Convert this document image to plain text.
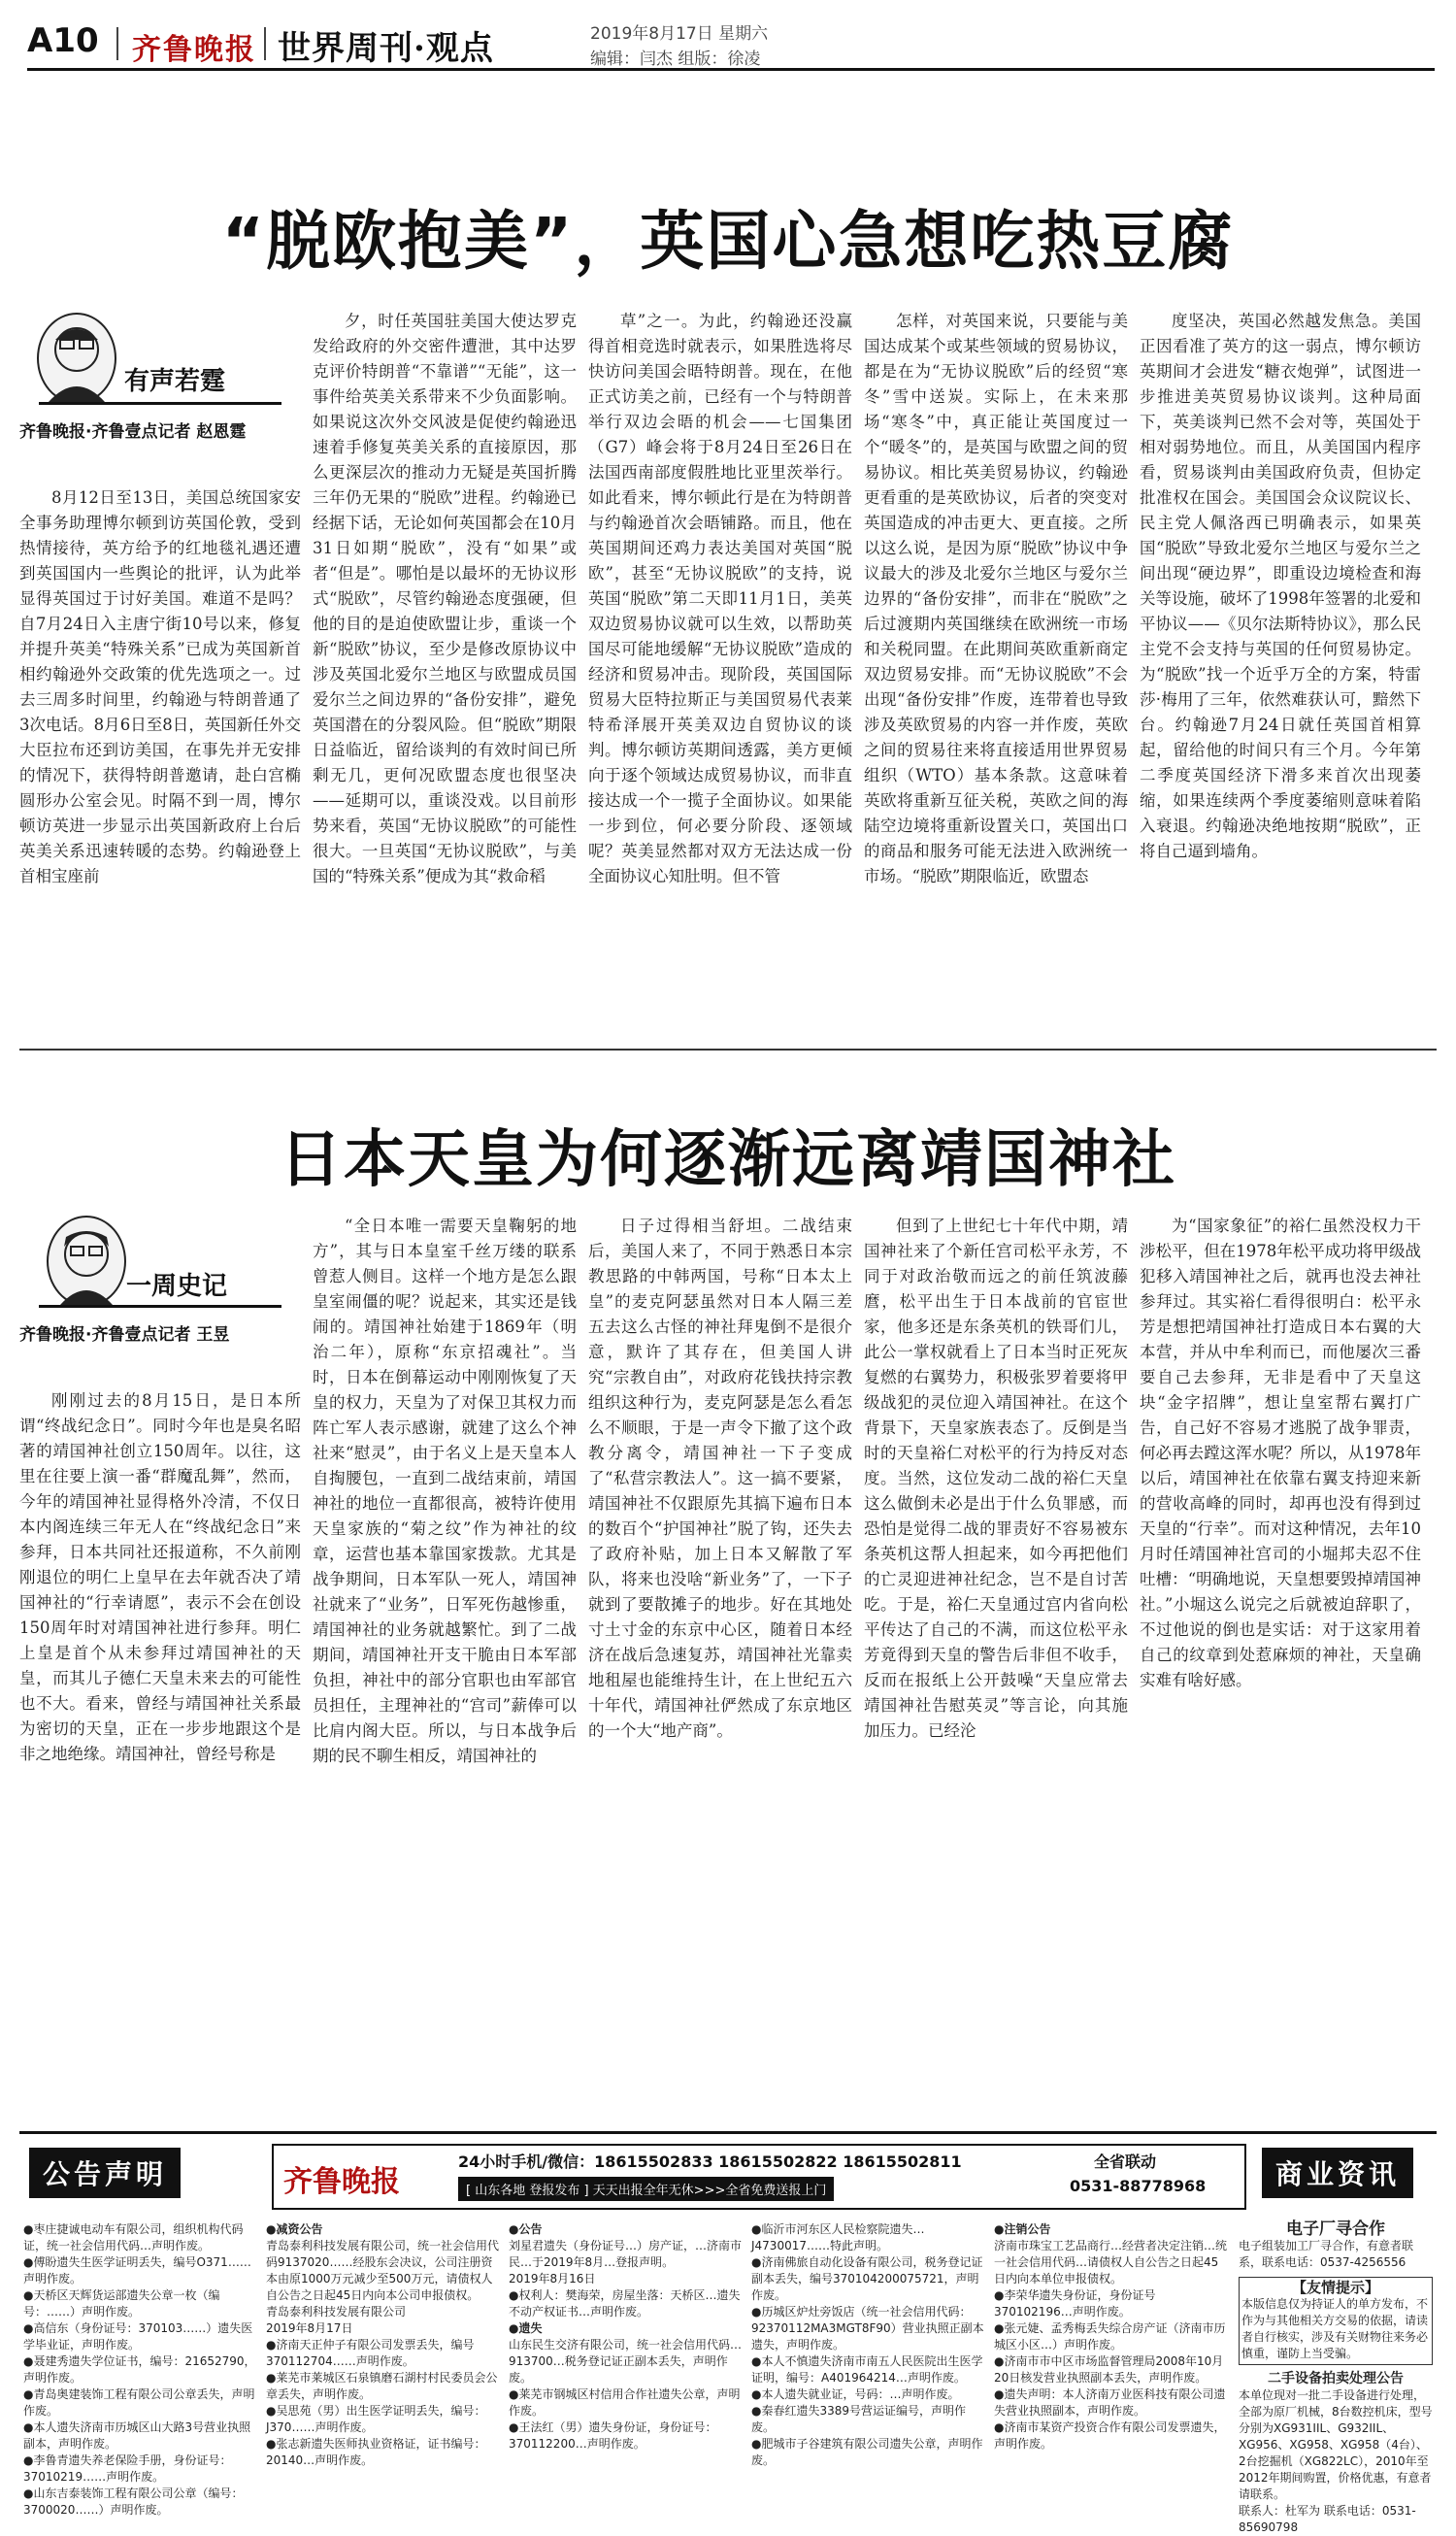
A10 齐鲁晚报 世界周刊·观点	2019年8月17日 星期六
编辑：闫杰 组版：徐凌
“脱欧抱美”，英国心急想吃热豆腐
有声若霆
齐鲁晚报·齐鲁壹点记者 赵恩霆
8月12日至13日，美国总统国家安全事务助理博尔顿到访英国伦敦，受到热情接待，英方给予的红地毯礼遇还遭到英国国内一些舆论的批评，认为此举显得英国过于讨好美国。难道不是吗？自7月24日入主唐宁街10号以来，修复并提升英美“特殊关系”已成为英国新首相约翰逊外交政策的优先选项之一。过去三周多时间里，约翰逊与特朗普通了3次电话。8月6日至8日，英国新任外交大臣拉布还到访美国，在事先并无安排的情况下，获得特朗普邀请，赴白宫椭圆形办公室会见。时隔不到一周，博尔顿访英进一步显示出英国新政府上台后英美关系迅速转暖的态势。约翰逊登上首相宝座前
夕，时任英国驻美国大使达罗克发给政府的外交密件遭泄，其中达罗克评价特朗普“不靠谱”“无能”，这一事件给英美关系带来不少负面影响。如果说这次外交风波是促使约翰逊迅速着手修复英美关系的直接原因，那么更深层次的推动力无疑是英国折腾三年仍无果的“脱欧”进程。约翰逊已经据下话，无论如何英国都会在10月31日如期“脱欧”，没有“如果”或者“但是”。哪怕是以最坏的无协议形式“脱欧”，尽管约翰逊态度强硬，但他的目的是迫使欧盟让步，重谈一个新“脱欧”协议，至少是修改原协议中涉及英国北爱尔兰地区与欧盟成员国爱尔兰之间边界的“备份安排”，避免英国潜在的分裂风险。但“脱欧”期限日益临近，留给谈判的有效时间已所剩无几，更何况欧盟态度也很坚决——延期可以，重谈没戏。以目前形势来看，英国“无协议脱欧”的可能性很大。一旦英国“无协议脱欧”，与美国的“特殊关系”便成为其“救命稻
草”之一。为此，约翰逊还没赢得首相竞选时就表示，如果胜选将尽快访问美国会晤特朗普。现在，在他正式访美之前，已经有一个与特朗普举行双边会晤的机会——七国集团（G7）峰会将于8月24日至26日在法国西南部度假胜地比亚里茨举行。如此看来，博尔顿此行是在为特朗普与约翰逊首次会晤铺路。而且，他在英国期间还鸡力表达美国对英国“脱欧”，甚至“无协议脱欧”的支持，说英国“脱欧”第二天即11月1日，美英双边贸易协议就可以生效，以帮助英国尽可能地缓解“无协议脱欧”造成的经济和贸易冲击。现阶段，英国国际贸易大臣特拉斯正与美国贸易代表莱特希泽展开英美双边自贸协议的谈判。博尔顿访英期间透露，美方更倾向于逐个领域达成贸易协议，而非直接达成一个一揽子全面协议。如果能一步到位，何必要分阶段、逐领域呢？英美显然都对双方无法达成一份全面协议心知肚明。但不管
怎样，对英国来说，只要能与美国达成某个或某些领域的贸易协议，都是在为“无协议脱欧”后的经贸“寒冬”雪中送炭。实际上，在未来那场“寒冬”中，真正能让英国度过一个“暖冬”的，是英国与欧盟之间的贸易协议。相比英美贸易协议，约翰逊更看重的是英欧协议，后者的突变对英国造成的冲击更大、更直接。之所以这么说，是因为原“脱欧”协议中争议最大的涉及北爱尔兰地区与爱尔兰边界的“备份安排”，而非在“脱欧”之后过渡期内英国继续在欧洲统一市场和关税同盟。在此期间英欧重新商定双边贸易安排。而“无协议脱欧”不会出现“备份安排”作废，连带着也导致涉及英欧贸易的内容一并作废，英欧之间的贸易往来将直接适用世界贸易组织（WTO）基本条款。这意味着英欧将重新互征关税，英欧之间的海陆空边境将重新设置关口，英国出口的商品和服务可能无法进入欧洲统一市场。“脱欧”期限临近，欧盟态
度坚决，英国必然越发焦急。美国正因看准了英方的这一弱点，博尔顿访英期间才会进发“糖衣炮弹”，试图进一步推进美英贸易协议谈判。这种局面下，英美谈判已然不会对等，英国处于相对弱势地位。而且，从美国国内程序看，贸易谈判由美国政府负责，但协定批准权在国会。美国国会众议院议长、民主党人佩洛西已明确表示，如果英国“脱欧”导致北爱尔兰地区与爱尔兰之间出现“硬边界”，即重设边境检查和海关等设施，破坏了1998年签署的北爱和平协议——《贝尔法斯特协议》，那么民主党不会支持与英国的任何贸易协定。为“脱欧”找一个近乎万全的方案，特雷莎·梅用了三年，依然难获认可，黯然下台。约翰逊7月24日就任英国首相算起，留给他的时间只有三个月。今年第二季度英国经济下滑多来首次出现萎缩，如果连续两个季度萎缩则意味着陷入衰退。约翰逊决绝地按期“脱欧”，正将自己逼到墙角。
日本天皇为何逐渐远离靖国神社
一周史记
齐鲁晚报·齐鲁壹点记者 王昱
刚刚过去的8月15日，是日本所谓“终战纪念日”。同时今年也是臭名昭著的靖国神社创立150周年。以往，这里在往要上演一番“群魔乱舞”，然而，今年的靖国神社显得格外冷清，不仅日本内阁连续三年无人在“终战纪念日”来参拜，日本共同社还报道称，不久前刚刚退位的明仁上皇早在去年就否决了靖国神社的“行幸请愿”，表示不会在创设150周年时对靖国神社进行参拜。明仁上皇是首个从未参拜过靖国神社的天皇，而其儿子德仁天皇未来去的可能性也不大。看来，曾经与靖国神社关系最为密切的天皇，正在一步步地跟这个是非之地绝缘。靖国神社，曾经号称是
“全日本唯一需要天皇鞠躬的地方”，其与日本皇室千丝万缕的联系曾惹人侧目。这样一个地方是怎么跟皇室闹僵的呢？说起来，其实还是钱闹的。靖国神社始建于1869年（明治二年），原称“东京招魂社”。当时，日本在倒幕运动中刚刚恢复了天皇的权力，天皇为了对保卫其权力而阵亡军人表示感谢，就建了这么个神社来“慰灵”，由于名义上是天皇本人自掏腰包，一直到二战结束前，靖国神社的地位一直都很高，被特许使用天皇家族的“菊之纹”作为神社的纹章，运营也基本靠国家拨款。尤其是战争期间，日本军队一死人，靖国神社就来了“业务”，日军死伤越惨重，靖国神社的业务就越繁忙。到了二战期间，靖国神社开支干脆由日本军部负担，神社中的部分官职也由军部官员担任，主理神社的“宫司”薪俸可以比肩内阁大臣。所以，与日本战争后期的民不聊生相反，靖国神社的
日子过得相当舒坦。二战结束后，美国人来了，不同于熟悉日本宗教思路的中韩两国，号称“日本太上皇”的麦克阿瑟虽然对日本人隔三差五去这么古怪的神社拜鬼倒不是很介意，默许了其存在，但美国人讲究“宗教自由”，对政府花钱扶持宗教组织这种行为，麦克阿瑟是怎么看怎么不顺眼，于是一声令下撤了这个政教分离令，靖国神社一下子变成了“私营宗教法人”。这一搞不要紧，靖国神社不仅跟原先其搞下遍布日本的数百个“护国神社”脱了钩，还失去了政府补贴，加上日本又解散了军队，将来也没啥“新业务”了，一下子就到了要散摊子的地步。好在其地处寸土寸金的东京中心区，随着日本经济在战后急速复苏，靖国神社光靠卖地租屋也能维持生计，在上世纪五六十年代，靖国神社俨然成了东京地区的一个大“地产商”。
但到了上世纪七十年代中期，靖国神社来了个新任宫司松平永芳，不同于对政治敬而远之的前任筑波藤麿，松平出生于日本战前的官宦世家，他多还是东条英机的铁哥们儿，此公一掌权就看上了日本当时正死灰复燃的右翼势力，积极张罗着要将甲级战犯的灵位迎入靖国神社。在这个背景下，天皇家族表态了。反倒是当时的天皇裕仁对松平的行为持反对态度。当然，这位发动二战的裕仁天皇这么做倒未必是出于什么负罪感，而恐怕是觉得二战的罪责好不容易被东条英机这帮人担起来，如今再把他们的亡灵迎进神社纪念，岂不是自讨苦吃。于是，裕仁天皇通过宫内省向松平传达了自己的不满，而这位松平永芳竟得到天皇的警告后非但不收手，反而在报纸上公开鼓噪“天皇应常去靖国神社告慰英灵”等言论，向其施加压力。已经沦
为“国家象征”的裕仁虽然没权力干涉松平，但在1978年松平成功将甲级战犯移入靖国神社之后，就再也没去神社参拜过。其实裕仁看得很明白：松平永芳是想把靖国神社打造成日本右翼的大本营，并从中牟利而已，而他屡次三番要自己去参拜，无非是看中了天皇这块“金字招牌”，想让皇室帮右翼打广告，自己好不容易才逃脱了战争罪责，何必再去蹚这浑水呢？所以，从1978年以后，靖国神社在依靠右翼支持迎来新的营收高峰的同时，却再也没有得到过天皇的“行幸”。而对这种情况，去年10月时任靖国神社宫司的小堀邦夫忍不住吐槽：“明确地说，天皇想要毁掉靖国神社。”小堀这么说完之后就被迫辞职了，不过他说的倒也是实话：对于这家用着自己的纹章到处惹麻烦的神社，天皇确实难有啥好感。
公告声明	齐鲁晚报
24小时手机/微信：18615502833 18615502822 18615502811
[ 山东各地 登报发布 ] 天天出报全年无休>>>全省免费送报上门
全省联动
0531-88778968	商业资讯
●枣庄捷诚电动车有限公司，组织机构代码证，统一社会信用代码…声明作废。
●傅盼遗失生医学证明丢失，编号O371……声明作废。
●天桥区天辉货运部遗失公章一枚（编号：……）声明作废。
●高信东（身份证号：370103……）遗失医学毕业证，声明作废。
●聂建秀遗失学位证书，编号：21652790，声明作废。
●青岛奥建装饰工程有限公司公章丢失，声明作废。
●本人遗失济南市历城区山大路3号营业执照副本，声明作废。
●李鲁青遗失养老保险手册，身份证号：37010219……声明作废。
●山东吉泰装饰工程有限公司公章（编号：3700020……）声明作废。
●减资公告
青岛泰利科技发展有限公司，统一社会信用代码9137020……经股东会决议，公司注册资本由原1000万元减少至500万元，请债权人自公告之日起45日内向本公司申报债权。
青岛泰利科技发展有限公司
2019年8月17日
●济南天正仲子有限公司发票丢失，编号370112704……声明作废。
●莱芜市莱城区石泉镇磨石湖村村民委员会公章丢失，声明作废。
●吴思苑（男）出生医学证明丢失，编号：J370……声明作废。
●张志新遗失医师执业资格证，证书编号：20140…声明作废。
●公告
刘星君遗失（身份证号…）房产证，…济南市民…于2019年8月…登报声明。
2019年8月16日
●权利人：樊海荣，房屋坐落：天桥区…遗失不动产权证书…声明作废。
●遗失
山东民生交济有限公司，统一社会信用代码…913700…税务登记证正副本丢失，声明作废。
●莱芜市钢城区村信用合作社遗失公章，声明作废。
●王法红（男）遗失身份证，身份证号：370112200…声明作废。
●临沂市河东区人民检察院遗失…J4730017……特此声明。
●济南佛旅自动化设备有限公司，税务登记证副本丢失，编号370104200075721，声明作废。
●历城区炉灶旁饭店（统一社会信用代码：92370112MA3MGT8F90）营业执照正副本遗失，声明作废。
●本人不慎遗失济南市南五人民医院出生医学证明，编号：A401964214…声明作废。
●本人遗失就业证，号码：…声明作废。
●秦春红遗失3389号营运证编号，声明作废。
●肥城市子谷建筑有限公司遗失公章，声明作废。
●注销公告
济南市珠宝工艺品商行…经营者决定注销…统一社会信用代码…请债权人自公告之日起45日内向本单位申报债权。
●李荣华遗失身份证，身份证号370102196…声明作废。
●张元婕、孟秀梅丢失综合房产证（济南市历城区小区…）声明作废。
●济南市市中区市场监督管理局2008年10月20日核发营业执照副本丢失，声明作废。
●遗失声明：本人济南万业医科技有限公司遗失营业执照副本，声明作废。
●济南市某资产投资合作有限公司发票遗失，声明作废。
电子厂寻合作
电子组装加工厂寻合作，有意者联系，联系电话：0537-4256556
【友情提示】
本版信息仅为持证人的单方发布，不作为与其他相关方交易的依据，请读者自行核实，涉及有关财物往来务必慎重，谨防上当受骗。
二手设备拍卖处理公告
本单位现对一批二手设备进行处理，全部为原厂机械，8台数控机床，型号分别为XG931IIL、G932IIL、XG956、XG958、XG958（4台）、2台挖掘机（XG822LC），2010年至2012年期间购置，价格优惠，有意者请联系。
联系人：杜军为 联系电话：0531-85690798
